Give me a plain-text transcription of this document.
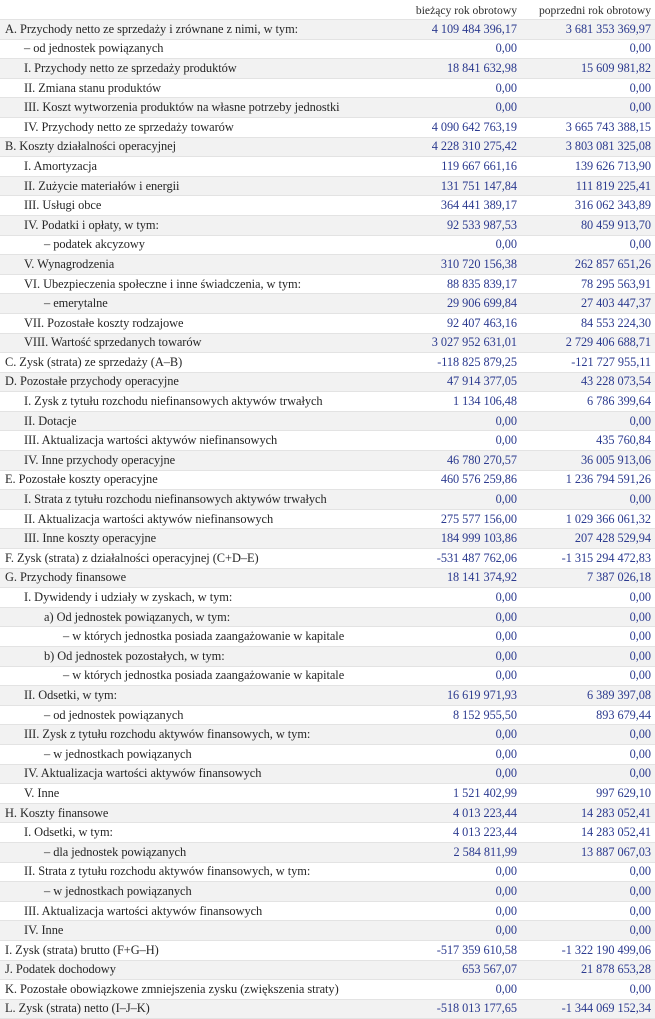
	bieżący rok obrotowy	poprzedni rok obrotowy
A. Przychody netto ze sprzedaży i zrównane z nimi, w tym:	4 109 484 396,17	3 681 353 369,97
– od jednostek powiązanych	0,00	0,00
I. Przychody netto ze sprzedaży produktów	18 841 632,98	15 609 981,82
II. Zmiana stanu produktów	0,00	0,00
III. Koszt wytworzenia produktów na własne potrzeby jednostki	0,00	0,00
IV. Przychody netto ze sprzedaży towarów	4 090 642 763,19	3 665 743 388,15
B. Koszty działalności operacyjnej	4 228 310 275,42	3 803 081 325,08
I. Amortyzacja	119 667 661,16	139 626 713,90
II. Zużycie materiałów i energii	131 751 147,84	111 819 225,41
III. Usługi obce	364 441 389,17	316 062 343,89
IV. Podatki i opłaty, w tym:	92 533 987,53	80 459 913,70
– podatek akcyzowy	0,00	0,00
V. Wynagrodzenia	310 720 156,38	262 857 651,26
VI. Ubezpieczenia społeczne i inne świadczenia, w tym:	88 835 839,17	78 295 563,91
– emerytalne	29 906 699,84	27 403 447,37
VII. Pozostałe koszty rodzajowe	92 407 463,16	84 553 224,30
VIII. Wartość sprzedanych towarów	3 027 952 631,01	2 729 406 688,71
C. Zysk (strata) ze sprzedaży (A–B)	-118 825 879,25	-121 727 955,11
D. Pozostałe przychody operacyjne	47 914 377,05	43 228 073,54
I. Zysk z tytułu rozchodu niefinansowych aktywów trwałych	1 134 106,48	6 786 399,64
II. Dotacje	0,00	0,00
III. Aktualizacja wartości aktywów niefinansowych	0,00	435 760,84
IV. Inne przychody operacyjne	46 780 270,57	36 005 913,06
E. Pozostałe koszty operacyjne	460 576 259,86	1 236 794 591,26
I. Strata z tytułu rozchodu niefinansowych aktywów trwałych	0,00	0,00
II. Aktualizacja wartości aktywów niefinansowych	275 577 156,00	1 029 366 061,32
III. Inne koszty operacyjne	184 999 103,86	207 428 529,94
F. Zysk (strata) z działalności operacyjnej (C+D–E)	-531 487 762,06	-1 315 294 472,83
G. Przychody finansowe	18 141 374,92	7 387 026,18
I. Dywidendy i udziały w zyskach, w tym:	0,00	0,00
a) Od jednostek powiązanych, w tym:	0,00	0,00
– w których jednostka posiada zaangażowanie w kapitale	0,00	0,00
b) Od jednostek pozostałych, w tym:	0,00	0,00
– w których jednostka posiada zaangażowanie w kapitale	0,00	0,00
II. Odsetki, w tym:	16 619 971,93	6 389 397,08
– od jednostek powiązanych	8 152 955,50	893 679,44
III. Zysk z tytułu rozchodu aktywów finansowych, w tym:	0,00	0,00
– w jednostkach powiązanych	0,00	0,00
IV. Aktualizacja wartości aktywów finansowych	0,00	0,00
V. Inne	1 521 402,99	997 629,10
H. Koszty finansowe	4 013 223,44	14 283 052,41
I. Odsetki, w tym:	4 013 223,44	14 283 052,41
– dla jednostek powiązanych	2 584 811,99	13 887 067,03
II. Strata z tytułu rozchodu aktywów finansowych, w tym:	0,00	0,00
– w jednostkach powiązanych	0,00	0,00
III. Aktualizacja wartości aktywów finansowych	0,00	0,00
IV. Inne	0,00	0,00
I. Zysk (strata) brutto (F+G–H)	-517 359 610,58	-1 322 190 499,06
J. Podatek dochodowy	653 567,07	21 878 653,28
K. Pozostałe obowiązkowe zmniejszenia zysku (zwiększenia straty)	0,00	0,00
L. Zysk (strata) netto (I–J–K)	-518 013 177,65	-1 344 069 152,34
